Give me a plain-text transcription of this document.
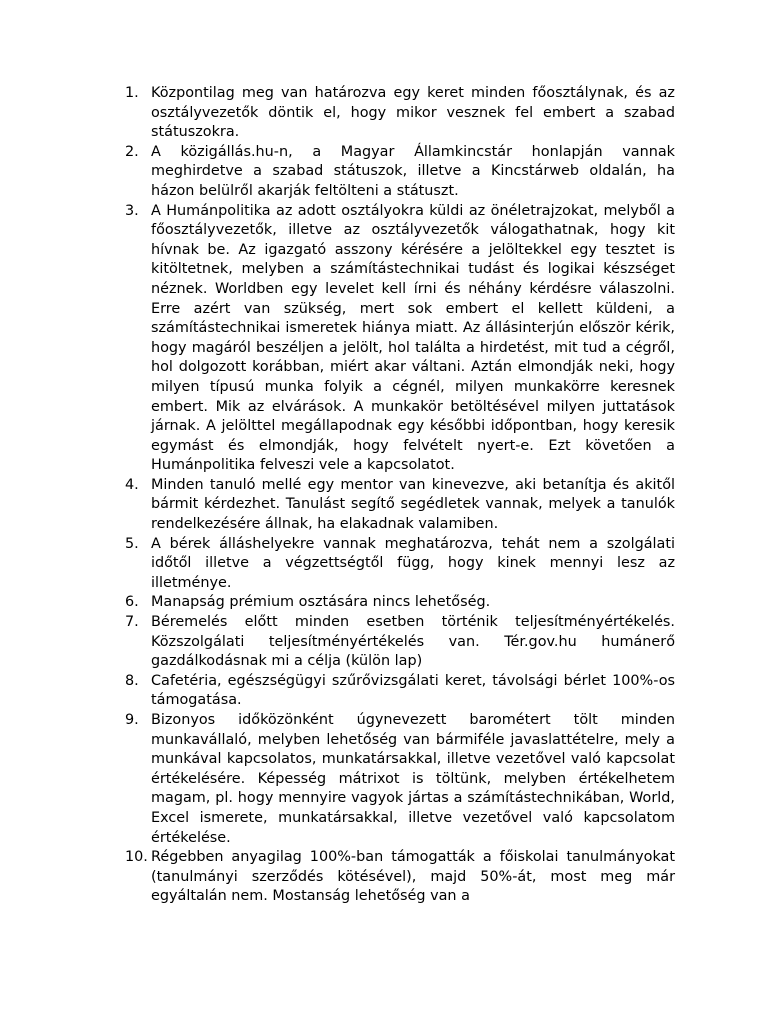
1. Központilag meg van határozva egy keret minden főosztálynak, és az osztályvezetők döntik el, hogy mikor vesznek fel embert a szabad státuszokra.
2. A közigállás.hu-n, a Magyar Államkincstár honlapján vannak meghirdetve a szabad státuszok, illetve a Kincstárweb oldalán, ha házon belülről akarják feltölteni a státuszt.
3. A Humánpolitika az adott osztályokra küldi az önéletrajzokat, melyből a főosztályvezetők, illetve az osztályvezetők válogathatnak, hogy kit hívnak be. Az igazgató asszony kérésére a jelöltekkel egy tesztet is kitöltetnek, melyben a számítástechnikai tudást és logikai készséget néznek. Worldben egy levelet kell írni és néhány kérdésre válaszolni. Erre azért van szükség, mert sok embert el kellett küldeni, a számítástechnikai ismeretek hiánya miatt. Az állásinterjún először kérik, hogy magáról beszéljen a jelölt, hol találta a hirdetést, mit tud a cégről, hol dolgozott korábban, miért akar váltani. Aztán elmondják neki, hogy milyen típusú munka folyik a cégnél, milyen munkakörre keresnek embert. Mik az elvárások. A munkakör betöltésével milyen juttatások járnak. A jelölttel megállapodnak egy későbbi időpontban, hogy keresik egymást és elmondják, hogy felvételt nyert-e. Ezt követően a Humánpolitika felveszi vele a kapcsolatot.
4. Minden tanuló mellé egy mentor van kinevezve, aki betanítja és akitől bármit kérdezhet. Tanulást segítő segédletek vannak, melyek a tanulók rendelkezésére állnak, ha elakadnak valamiben.
5. A bérek álláshelyekre vannak meghatározva, tehát nem a szolgálati időtől illetve a végzettségtől függ, hogy kinek mennyi lesz az illetménye.
6. Manapság prémium osztására nincs lehetőség.
7. Béremelés előtt minden esetben történik teljesítményértékelés. Közszolgálati teljesítményértékelés van. Tér.gov.hu humánerő gazdálkodásnak mi a célja (külön lap)
8. Cafetéria, egészségügyi szűrővizsgálati keret, távolsági bérlet 100%-os támogatása.
9. Bizonyos időközönként úgynevezett barométert tölt minden munkavállaló, melyben lehetőség van bármiféle javaslattételre, mely a munkával kapcsolatos, munkatársakkal, illetve vezetővel való kapcsolat értékelésére. Képesség mátrixot is töltünk, melyben értékelhetem magam, pl. hogy mennyire vagyok jártas a számítástechnikában, World, Excel ismerete, munkatársakkal, illetve vezetővel való kapcsolatom értékelése.
10. Régebben anyagilag 100%-ban támogatták a főiskolai tanulmányokat (tanulmányi szerződés kötésével), majd 50%-át, most meg már egyáltalán nem. Mostanság lehetőség van a
